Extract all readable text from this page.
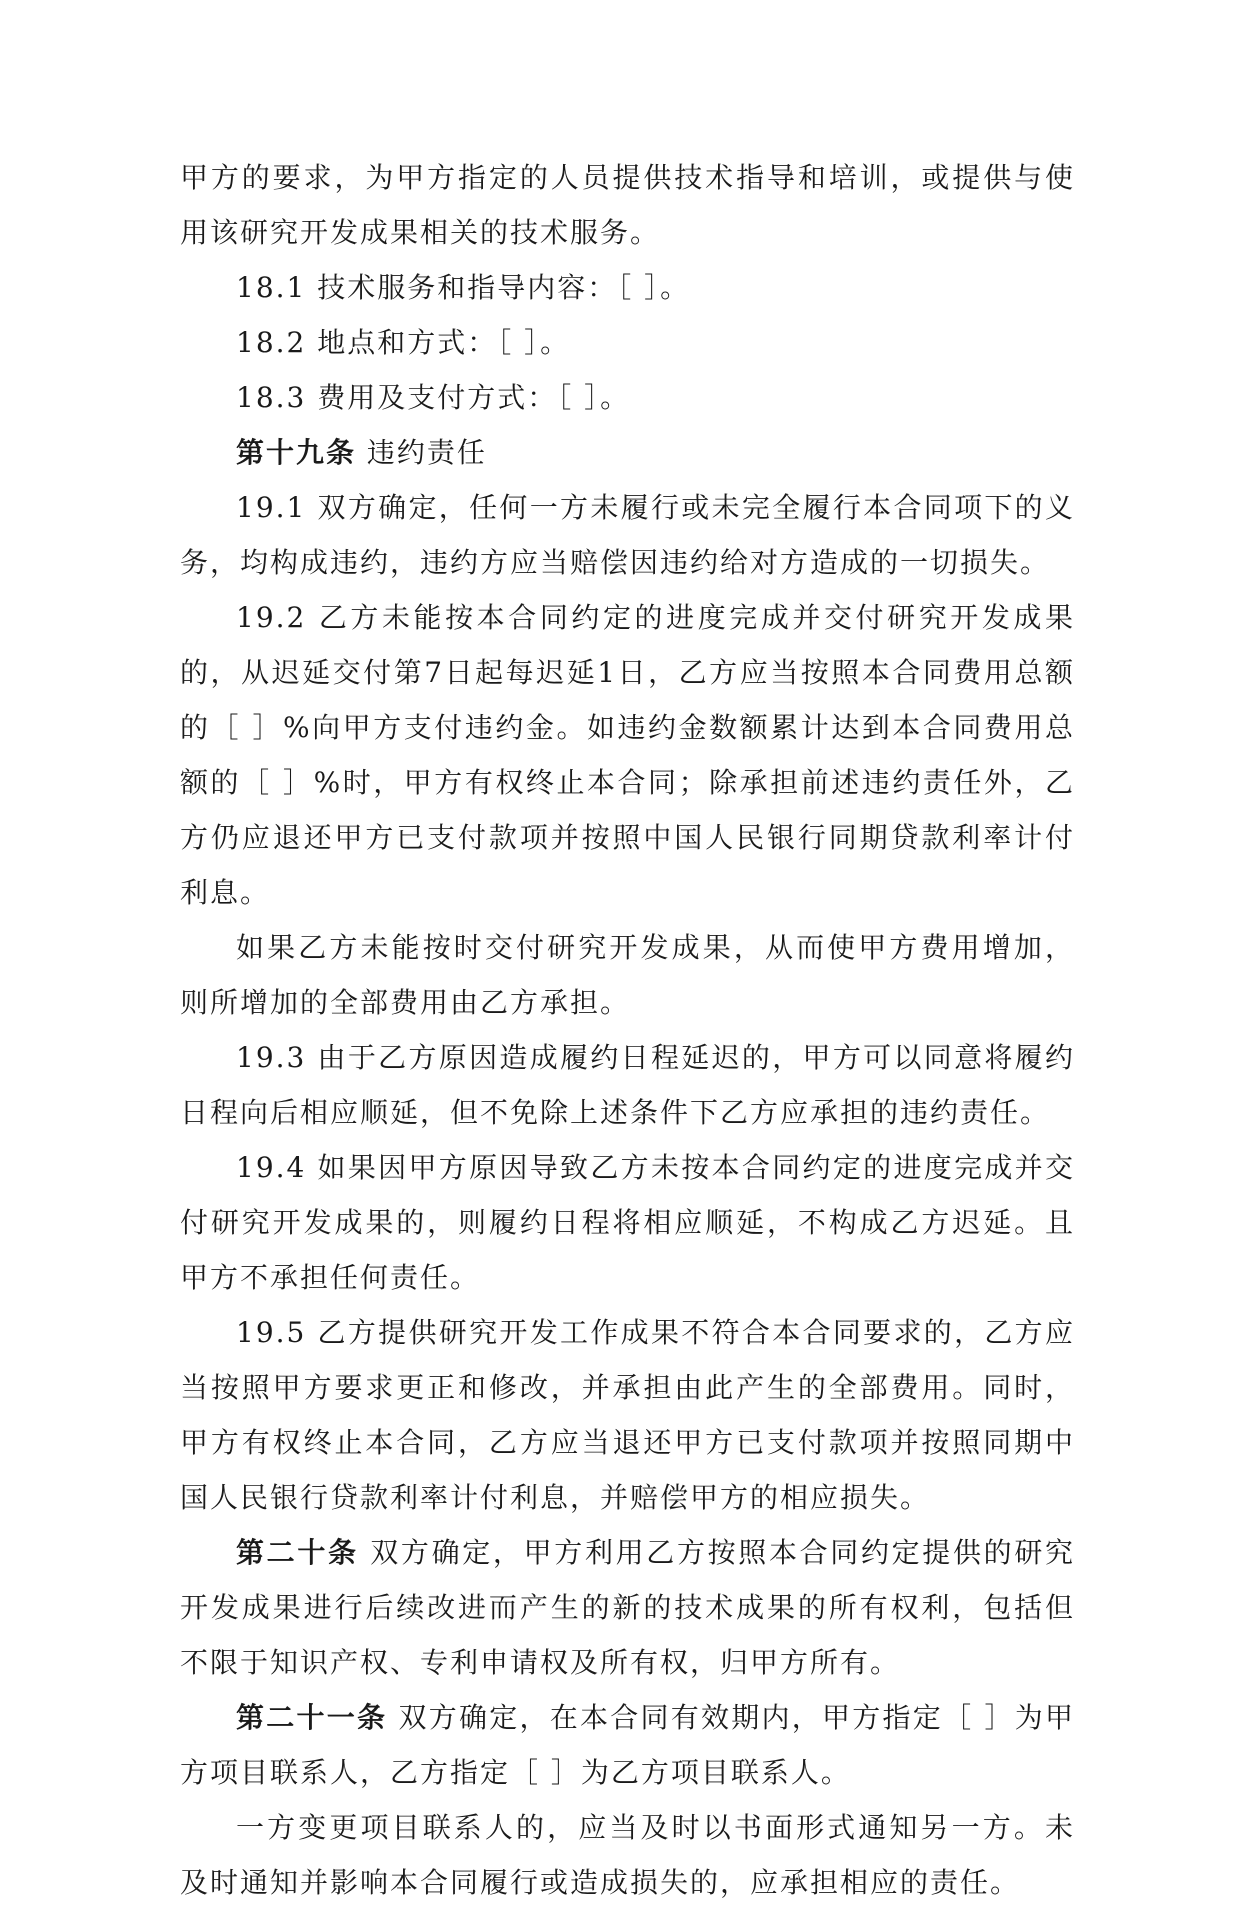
甲方的要求，为甲方指定的人员提供技术指导和培训，或提供与使用该研究开发成果相关的技术服务。

18.1 技术服务和指导内容：［ ］。

18.2 地点和方式：［ ］。

18.3 费用及支付方式：［ ］。

第十九条 违约责任

19.1 双方确定，任何一方未履行或未完全履行本合同项下的义务，均构成违约，违约方应当赔偿因违约给对方造成的一切损失。

19.2 乙方未能按本合同约定的进度完成并交付研究开发成果的，从迟延交付第7日起每迟延1日，乙方应当按照本合同费用总额的［ ］%向甲方支付违约金。如违约金数额累计达到本合同费用总额的［ ］%时，甲方有权终止本合同；除承担前述违约责任外，乙方仍应退还甲方已支付款项并按照中国人民银行同期贷款利率计付利息。

如果乙方未能按时交付研究开发成果，从而使甲方费用增加，则所增加的全部费用由乙方承担。

19.3 由于乙方原因造成履约日程延迟的，甲方可以同意将履约日程向后相应顺延，但不免除上述条件下乙方应承担的违约责任。

19.4 如果因甲方原因导致乙方未按本合同约定的进度完成并交付研究开发成果的，则履约日程将相应顺延，不构成乙方迟延。且甲方不承担任何责任。

19.5 乙方提供研究开发工作成果不符合本合同要求的，乙方应当按照甲方要求更正和修改，并承担由此产生的全部费用。同时，甲方有权终止本合同，乙方应当退还甲方已支付款项并按照同期中国人民银行贷款利率计付利息，并赔偿甲方的相应损失。

第二十条 双方确定，甲方利用乙方按照本合同约定提供的研究开发成果进行后续改进而产生的新的技术成果的所有权利，包括但不限于知识产权、专利申请权及所有权，归甲方所有。

第二十一条 双方确定，在本合同有效期内，甲方指定［ ］为甲方项目联系人，乙方指定［ ］为乙方项目联系人。

一方变更项目联系人的，应当及时以书面形式通知另一方。未及时通知并影响本合同履行或造成损失的，应承担相应的责任。
